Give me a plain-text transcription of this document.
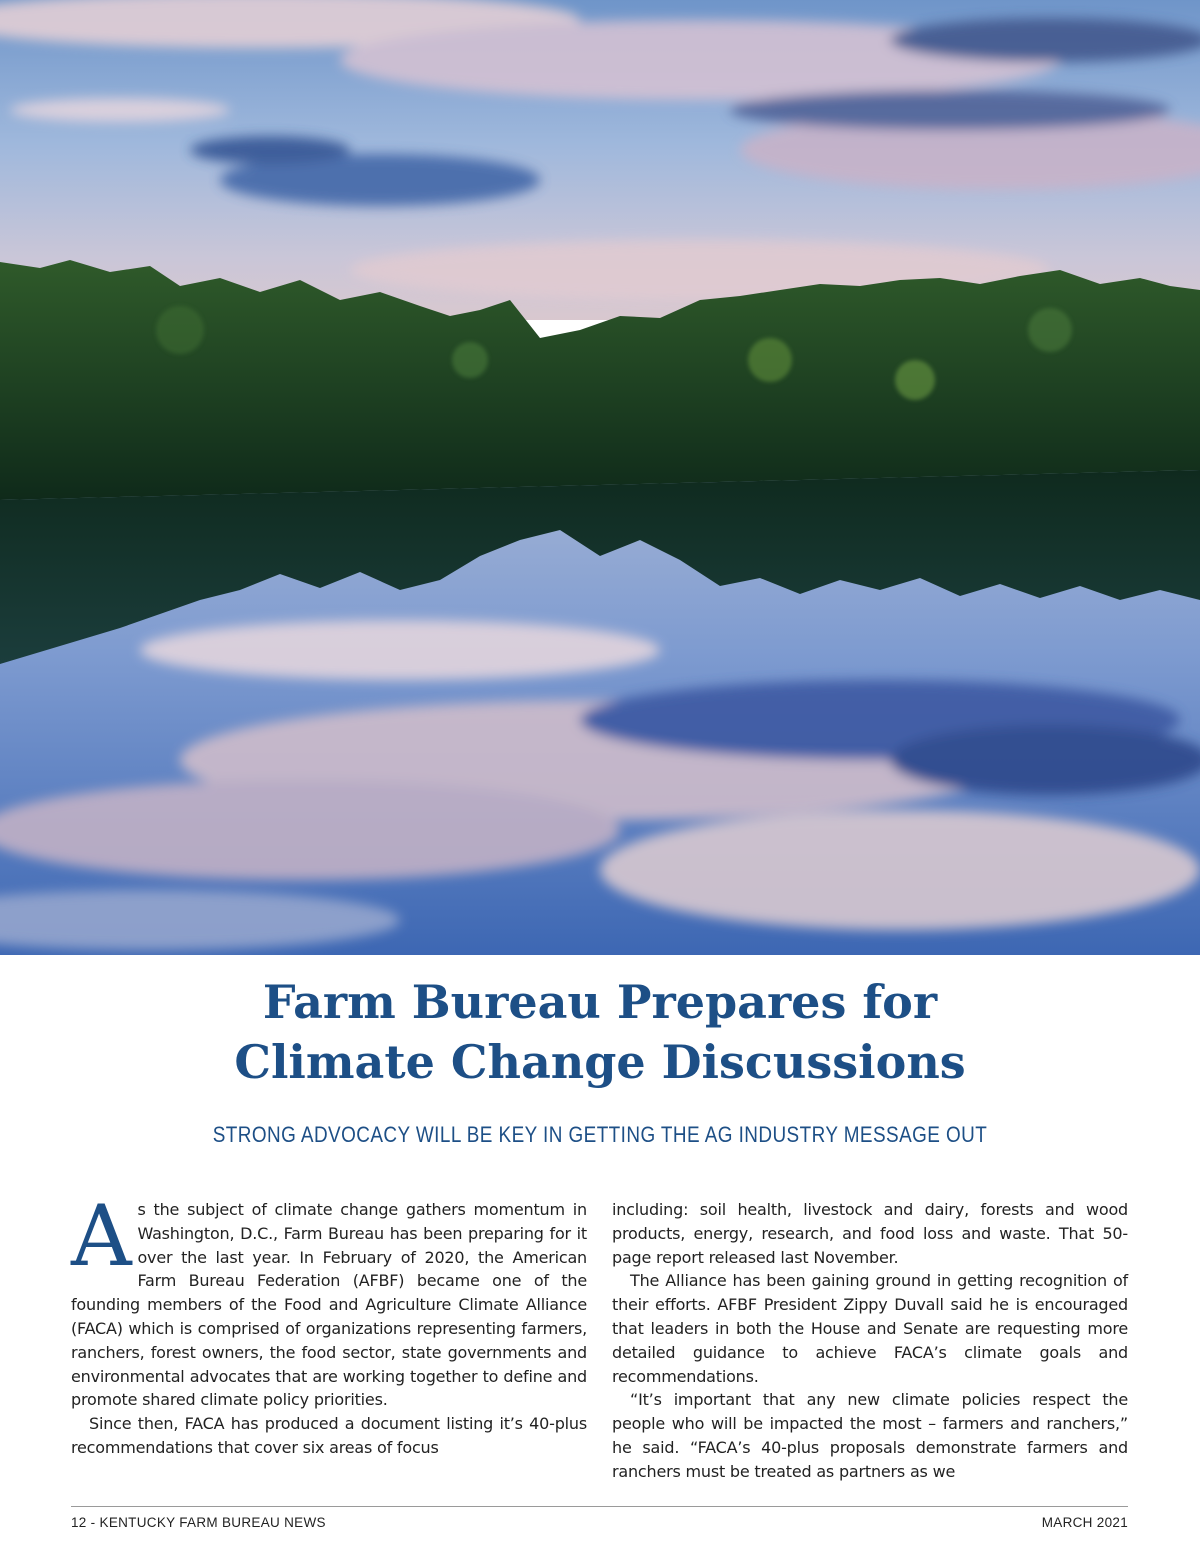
Farm Bureau Prepares for
Climate Change Discussions
STRONG ADVOCACY WILL BE KEY IN GETTING THE AG INDUSTRY MESSAGE OUT

As the subject of climate change gathers momentum in Washington, D.C., Farm Bureau has been preparing for it over the last year. In February of 2020, the American Farm Bureau Federation (AFBF) became one of the founding members of the Food and Agriculture Climate Alliance (FACA) which is comprised of organizations representing farmers, ranchers, forest owners, the food sector, state governments and environmental advocates that are working together to define and promote shared climate policy priorities.

Since then, FACA has produced a document listing it’s 40-plus recommendations that cover six areas of focus

including: soil health, livestock and dairy, forests and wood products, energy, research, and food loss and waste. That 50-page report released last November.

The Alliance has been gaining ground in getting recognition of their efforts. AFBF President Zippy Duvall said he is encouraged that leaders in both the House and Senate are requesting more detailed guidance to achieve FACA’s climate goals and recommendations.

“It’s important that any new climate policies respect the people who will be impacted the most – farmers and ranchers,” he said. “FACA’s 40-plus proposals demonstrate farmers and ranchers must be treated as partners as we

12 - KENTUCKY FARM BUREAU NEWS	MARCH 2021
